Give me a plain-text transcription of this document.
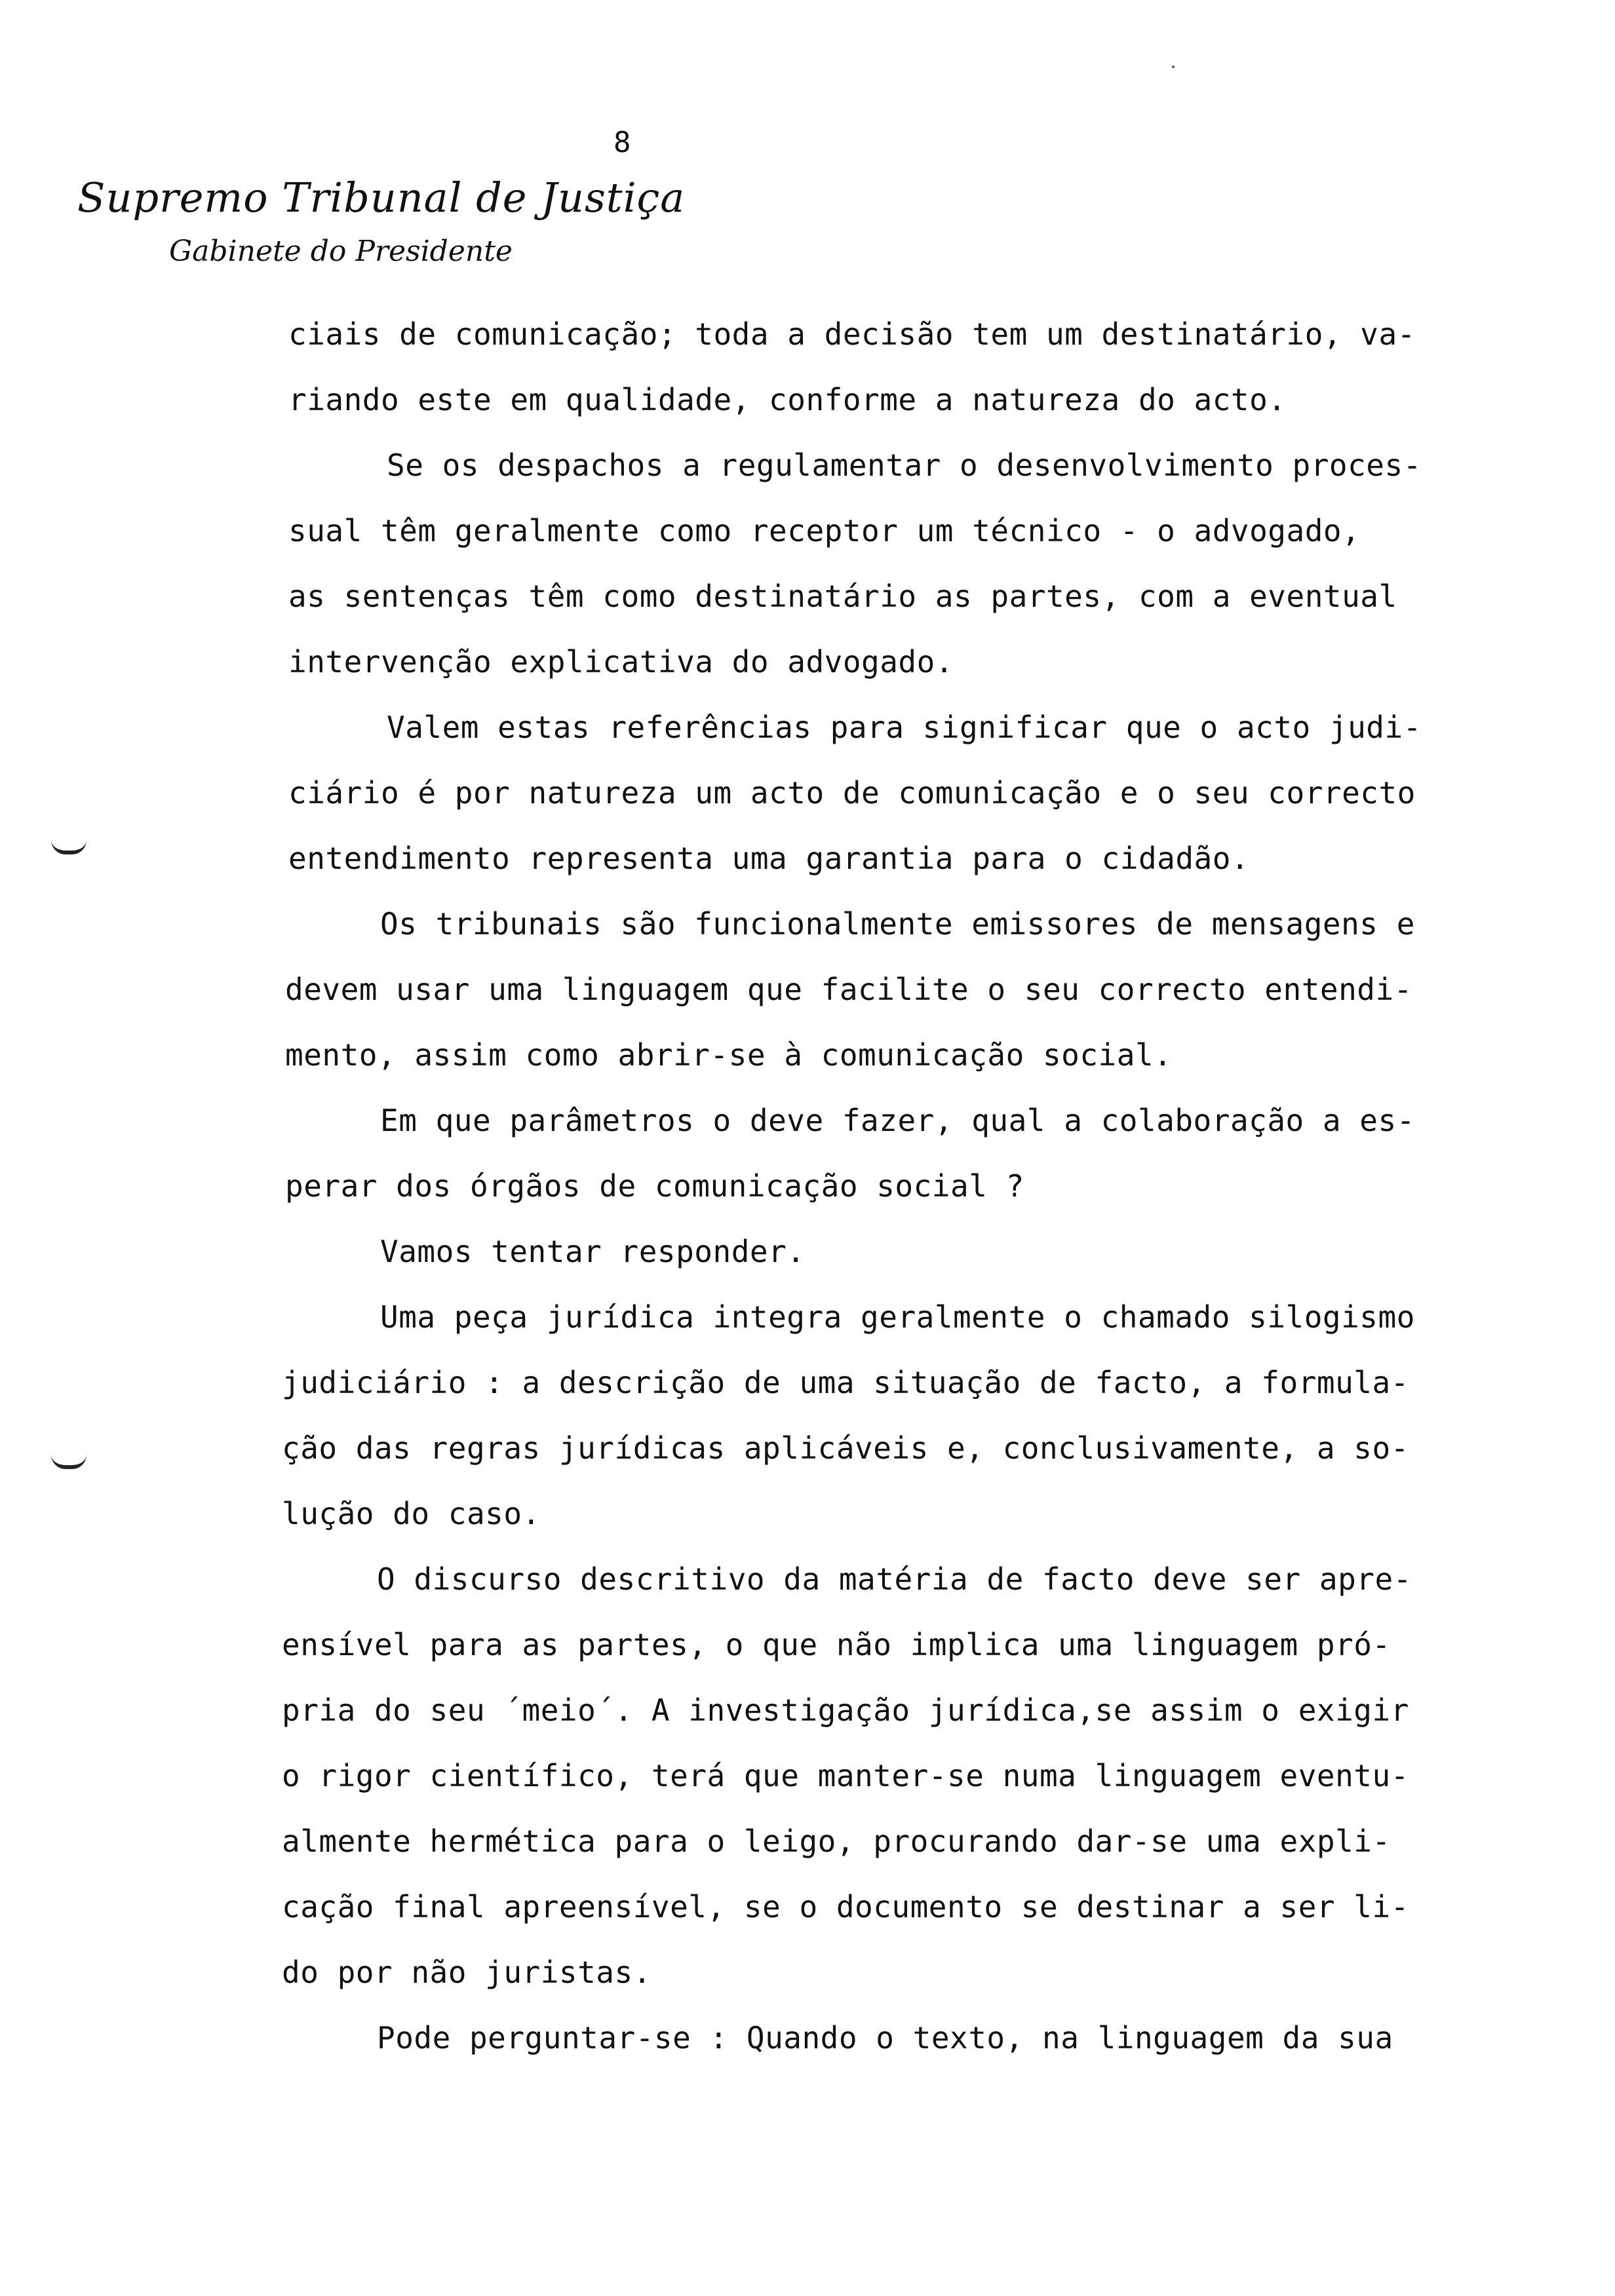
8
Supremo Tribunal de Justiça
Gabinete do Presidente
ciais de comunicação; toda a decisão tem um destinatário, va-
riando este em qualidade, conforme a natureza do acto.
Se os despachos a regulamentar o desenvolvimento proces-
sual têm geralmente como receptor um técnico - o advogado,
as sentenças têm como destinatário as partes, com a eventual
intervenção explicativa do advogado.
Valem estas referências para significar que o acto judi-
ciário é por natureza um acto de comunicação e o seu correcto
entendimento representa uma garantia para o cidadão.
Os tribunais são funcionalmente emissores de mensagens e
devem usar uma linguagem que facilite o seu correcto entendi-
mento, assim como abrir-se à comunicação social.
Em que parâmetros o deve fazer, qual a colaboração a es-
perar dos órgãos de comunicação social ?
Vamos tentar responder.
Uma peça jurídica integra geralmente o chamado silogismo
judiciário : a descrição de uma situação de facto, a formula-
ção das regras jurídicas aplicáveis e, conclusivamente, a so-
lução do caso.
O discurso descritivo da matéria de facto deve ser apre-
ensível para as partes, o que não implica uma linguagem pró-
pria do seu ´meio´. A investigação jurídica,se assim o exigir
o rigor científico, terá que manter-se numa linguagem eventu-
almente hermética para o leigo, procurando dar-se uma expli-
cação final apreensível, se o documento se destinar a ser li-
do por não juristas.
Pode perguntar-se : Quando o texto, na linguagem da sua
